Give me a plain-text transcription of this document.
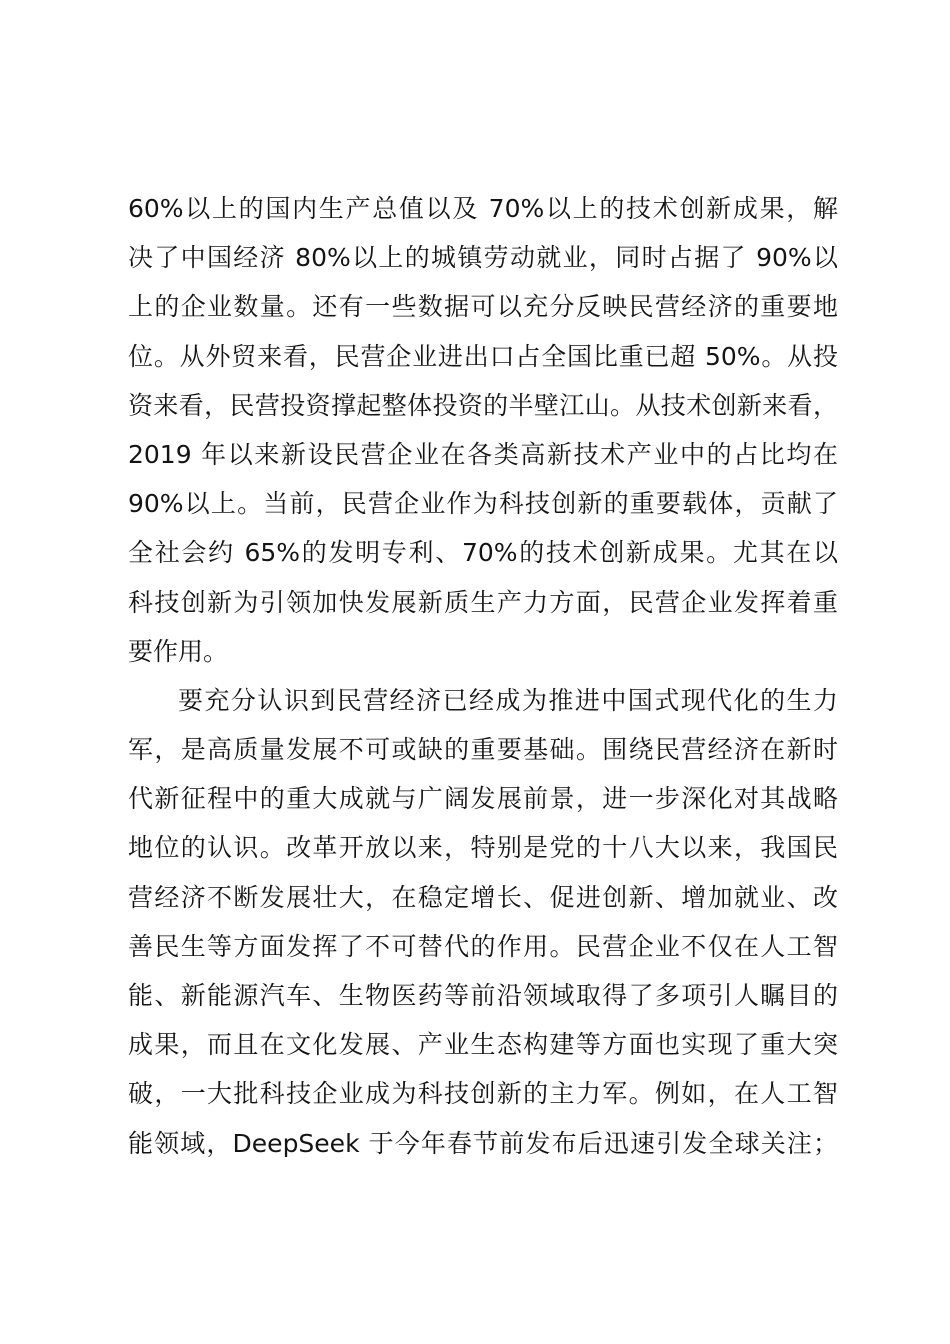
60%以上的国内生产总值以及 70%以上的技术创新成果，解
决了中国经济 80%以上的城镇劳动就业，同时占据了 90%以
上的企业数量。还有一些数据可以充分反映民营经济的重要地
位。从外贸来看，民营企业进出口占全国比重已超 50%。从投
资来看，民营投资撑起整体投资的半壁江山。从技术创新来看，
2019 年以来新设民营企业在各类高新技术产业中的占比均在
90%以上。当前，民营企业作为科技创新的重要载体，贡献了
全社会约 65%的发明专利、70%的技术创新成果。尤其在以
科技创新为引领加快发展新质生产力方面，民营企业发挥着重
要作用。
要充分认识到民营经济已经成为推进中国式现代化的生力
军，是高质量发展不可或缺的重要基础。围绕民营经济在新时
代新征程中的重大成就与广阔发展前景，进一步深化对其战略
地位的认识。改革开放以来，特别是党的十八大以来，我国民
营经济不断发展壮大，在稳定增长、促进创新、增加就业、改
善民生等方面发挥了不可替代的作用。民营企业不仅在人工智
能、新能源汽车、生物医药等前沿领域取得了多项引人瞩目的
成果，而且在文化发展、产业生态构建等方面也实现了重大突
破，一大批科技企业成为科技创新的主力军。例如，在人工智
能领域，DeepSeek 于今年春节前发布后迅速引发全球关注；
